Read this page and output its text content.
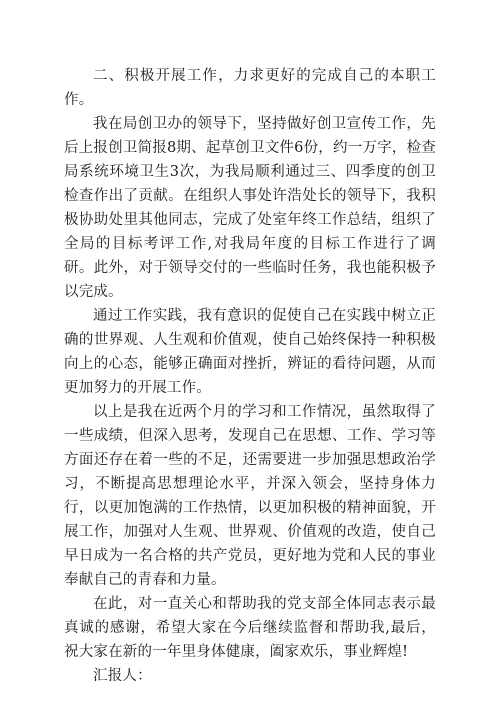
二、积极开展工作，力求更好的完成自己的本职工作。

我在局创卫办的领导下，坚持做好创卫宣传工作，先后上报创卫简报8期、起草创卫文件6份，约一万字，检查局系统环境卫生3次，为我局顺利通过三、四季度的创卫检查作出了贡献。在组织人事处许浩处长的领导下，我积极协助处里其他同志，完成了处室年终工作总结，组织了全局的目标考评工作,对我局年度的目标工作进行了调研。此外，对于领导交付的一些临时任务，我也能积极予以完成。

通过工作实践，我有意识的促使自己在实践中树立正确的世界观、人生观和价值观，使自己始终保持一种积极向上的心态，能够正确面对挫折，辨证的看待问题，从而更加努力的开展工作。

以上是我在近两个月的学习和工作情况，虽然取得了一些成绩，但深入思考，发现自己在思想、工作、学习等方面还存在着一些的不足，还需要进一步加强思想政治学习，不断提高思想理论水平，并深入领会，坚持身体力行，以更加饱满的工作热情，以更加积极的精神面貌，开展工作，加强对人生观、世界观、价值观的改造，使自己早日成为一名合格的共产党员，更好地为党和人民的事业奉献自己的青春和力量。

在此，对一直关心和帮助我的党支部全体同志表示最真诚的感谢，希望大家在今后继续监督和帮助我,最后，祝大家在新的一年里身体健康，阖家欢乐，事业辉煌!

汇报人：
